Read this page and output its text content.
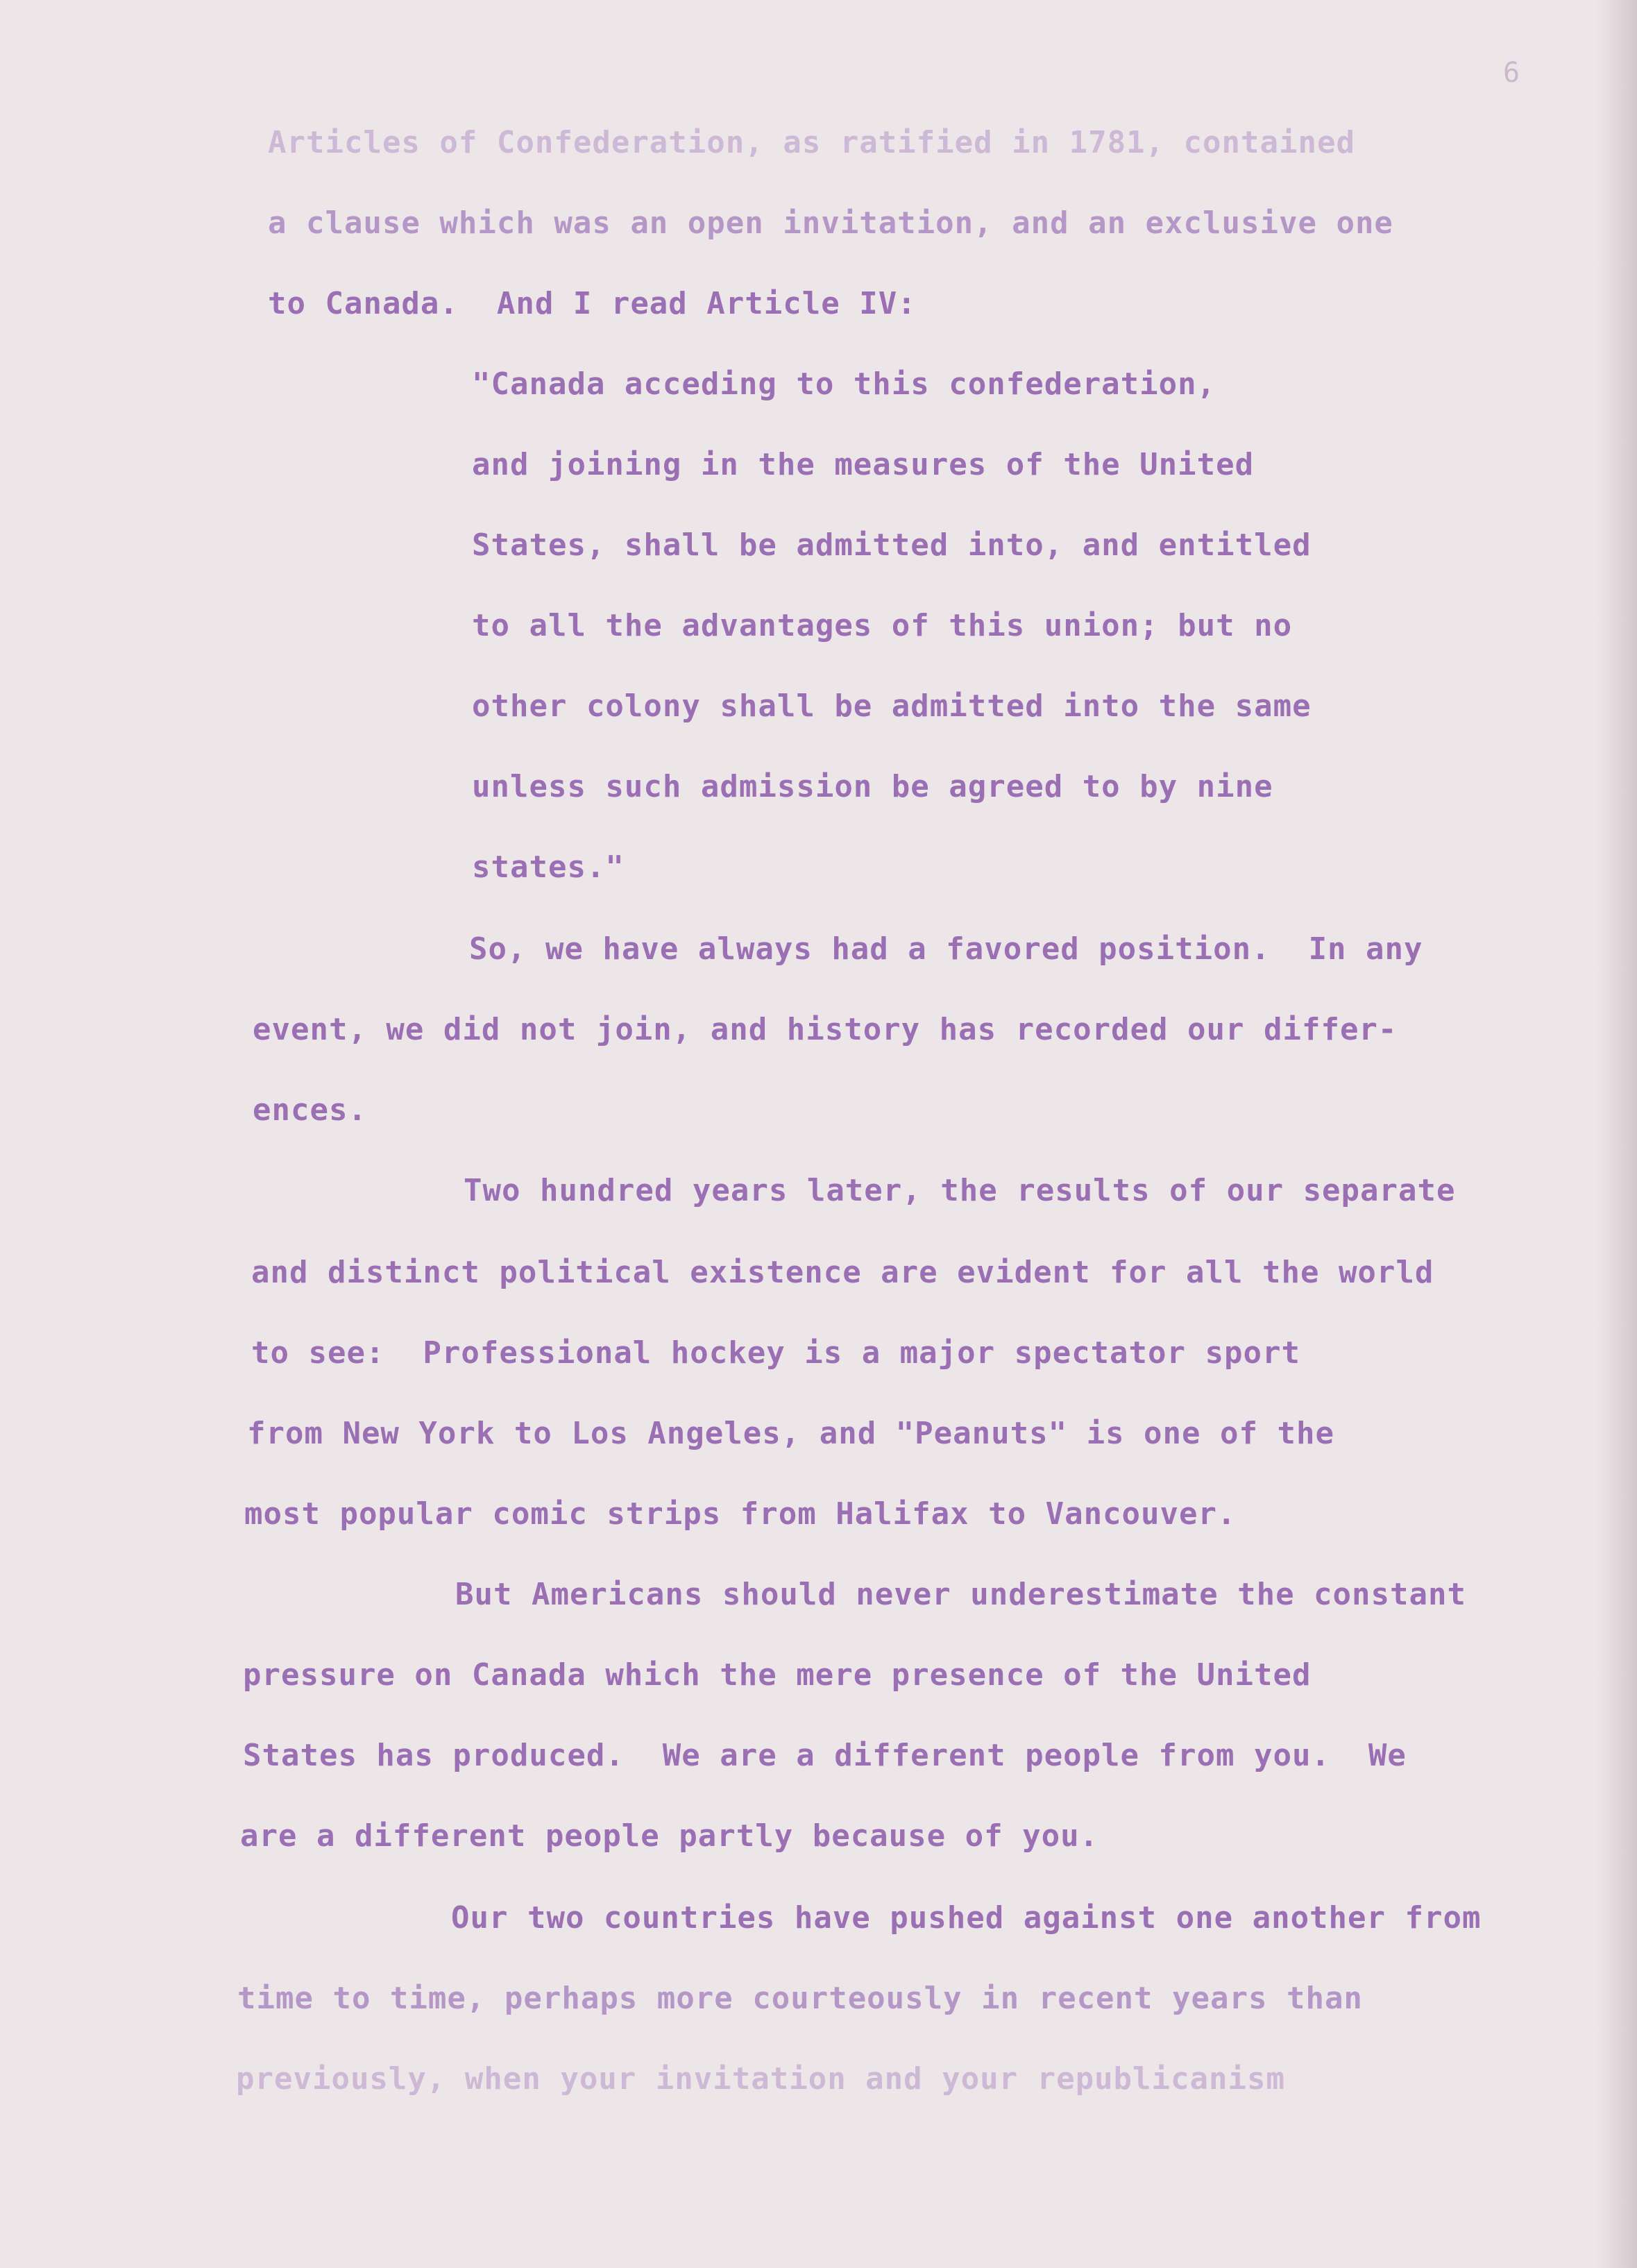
6
Articles of Confederation, as ratified in 1781, contained
a clause which was an open invitation, and an exclusive one
to Canada.  And I read Article IV:
"Canada acceding to this confederation,
and joining in the measures of the United
States, shall be admitted into, and entitled
to all the advantages of this union; but no
other colony shall be admitted into the same
unless such admission be agreed to by nine
states."
So, we have always had a favored position.  In any
event, we did not join, and history has recorded our differ-
ences.
Two hundred years later, the results of our separate
and distinct political existence are evident for all the world
to see:  Professional hockey is a major spectator sport
from New York to Los Angeles, and "Peanuts" is one of the
most popular comic strips from Halifax to Vancouver.
But Americans should never underestimate the constant
pressure on Canada which the mere presence of the United
States has produced.  We are a different people from you.  We
are a different people partly because of you.
Our two countries have pushed against one another from
time to time, perhaps more courteously in recent years than
previously, when your invitation and your republicanism
